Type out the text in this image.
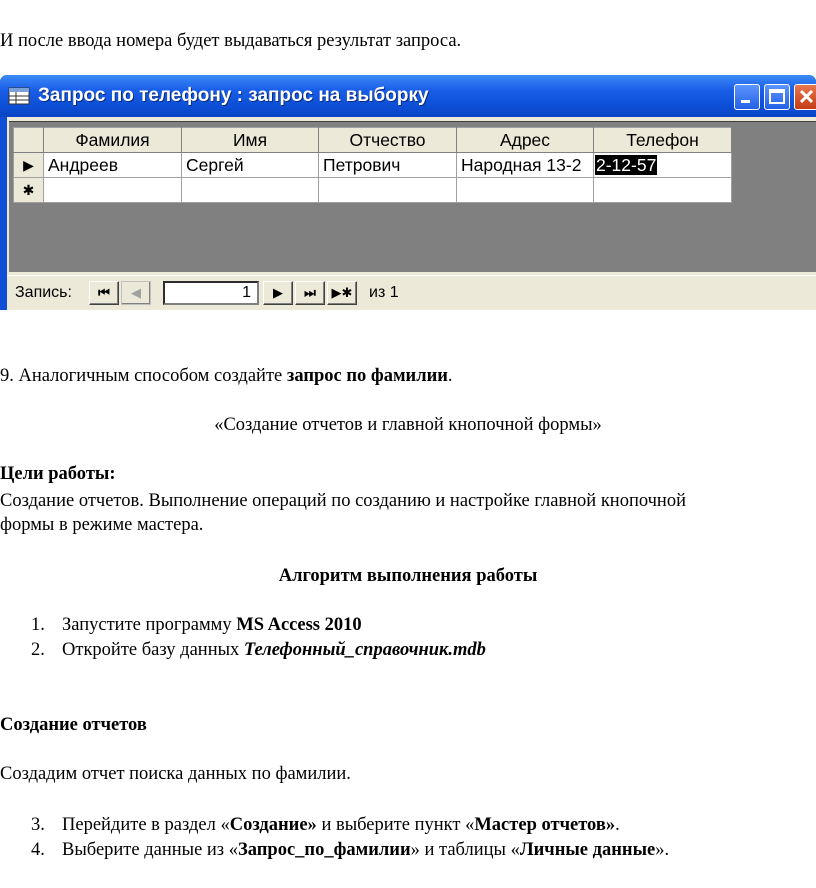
И после ввода номера будет выдаваться результат запроса.
Запрос по телефону : запрос на выборку
	Фамилия	Имя	Отчество	Адрес	Телефон
▶	Андреев	Сергей	Петрович	Народная 13-2	2-12-57
✱					
Запись:	⏮	◀	1	▶	⏭	▶✱ из 1
9. Аналогичным способом создайте запрос по фамилии.
«Создание отчетов и главной кнопочной формы»
Цели работы:
Создание отчетов. Выполнение операций по созданию и настройке главной кнопочной
формы в режиме мастера.
Алгоритм выполнения работы
1. Запустите программу MS Access 2010
2. Откройте базу данных Телефонный_справочник.mdb
Создание отчетов
Создадим отчет поиска данных по фамилии.
3. Перейдите в раздел «Создание» и выберите пункт «Мастер отчетов».
4. Выберите данные из «Запрос_по_фамилии» и таблицы «Личные данные».
